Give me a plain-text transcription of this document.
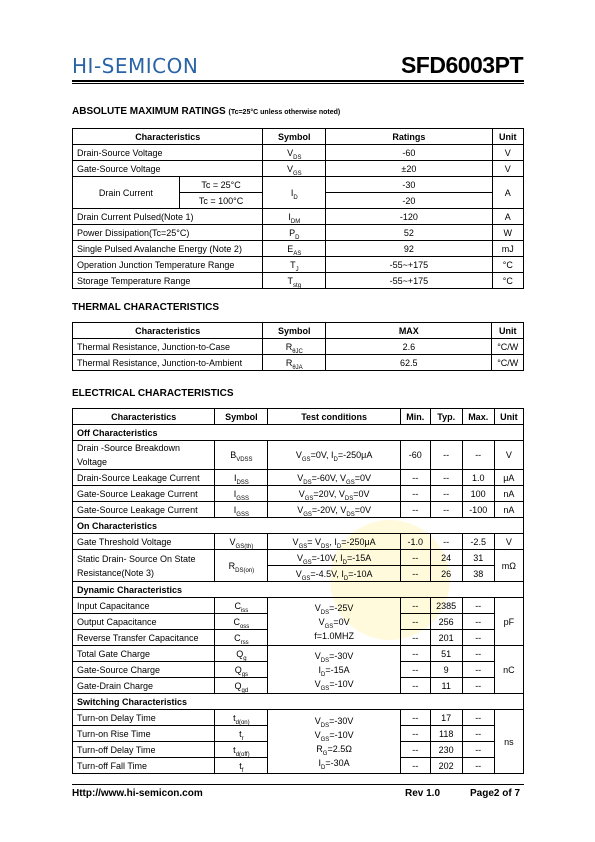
HI-SEMICON	SFD6003PT
ABSOLUTE MAXIMUM RATINGS (Tc=25°C unless otherwise noted)
Characteristics		Symbol	Ratings	Unit
Drain-Source Voltage		$V_{DS}$	-60	V
Gate-Source Voltage		$V_{GS}$	±20	V
Drain Current	Tc = 25°C	$I_D$	-30	A
	Tc = 100°C		-20	
Drain Current Pulsed(Note 1)		$I_{DM}$	-120	A
Power Dissipation(Tc=25°C)		$P_D$	52	W
Single Pulsed Avalanche Energy (Note 2)		$E_{AS}$	92	mJ
Operation Junction Temperature Range		$T_J$	-55~+175	°C
Storage Temperature Range		$T_{stg}$	-55~+175	°C
THERMAL CHARACTERISTICS
Characteristics	Symbol	MAX	Unit
Thermal Resistance, Junction-to-Case	$R_{\theta JC}$	2.6	°C/W
Thermal Resistance, Junction-to-Ambient	$R_{\theta JA}$	62.5	°C/W
ELECTRICAL CHARACTERISTICS
Characteristics	Symbol	Test conditions	Min.	Typ.	Max.	Unit
Off Characteristics						
Drain -Source Breakdown Voltage	$B_{VDSS}$	$V_{GS}=0V$, $I_D=-250\mu A$	-60	--	--	V
Drain-Source Leakage Current	$I_{DSS}$	$V_{DS}=-60V$, $V_{GS}=0V$	--	--	1.0	μA
Gate-Source Leakage Current	$I_{GSS}$	$V_{GS}=20V$, $V_{DS}=0V$	--	--	100	nA
Gate-Source Leakage Current	$I_{GSS}$	$V_{GS}=-20V$, $V_{DS}=0V$	--	--	-100	nA
On Characteristics						
Gate Threshold Voltage	$V_{GS(th)}$	$V_{GS}= V_{DS}$, $I_D=-250\mu A$	-1.0	--	-2.5	V
Static Drain- Source On State
Resistance(Note 3)	$R_{DS(on)}$	$V_{GS}=-10V$, $I_D=-15A$	--	24	31	mΩ
		$V_{GS}=-4.5V$, $I_D=-10A$	--	26	38	
Dynamic Characteristics						
Input Capacitance	$C_{iss}$	$V_{DS}=-25V$
$V_{GS}=0V$
f=1.0MHZ	--	2385	--	pF
Output Capacitance	$C_{oss}$		--	256	--	
Reverse Transfer Capacitance	$C_{rss}$		--	201	--	
Total Gate Charge	$Q_g$	$V_{DS}=-30V$
$I_D=-15A$
$V_{GS}=-10V$	--	51	--	nC
Gate-Source Charge	$Q_{gs}$		--	9	--	
Gate-Drain Charge	$Q_{gd}$		--	11	--	
Switching Characteristics						
Turn-on Delay Time	$t_{d(on)}$	$V_{DS}=-30V$
$V_{GS}=-10V$
$R_G=2.5\Omega$
$I_D=-30A$	--	17	--	ns
Turn-on Rise Time	$t_r$		--	118	--	
Turn-off Delay Time	$t_{d(off)}$		--	230	--	
Turn-off Fall Time	$t_f$		--	202	--	
Http://www.hi-semicon.com	Rev 1.0	Page2 of 7
